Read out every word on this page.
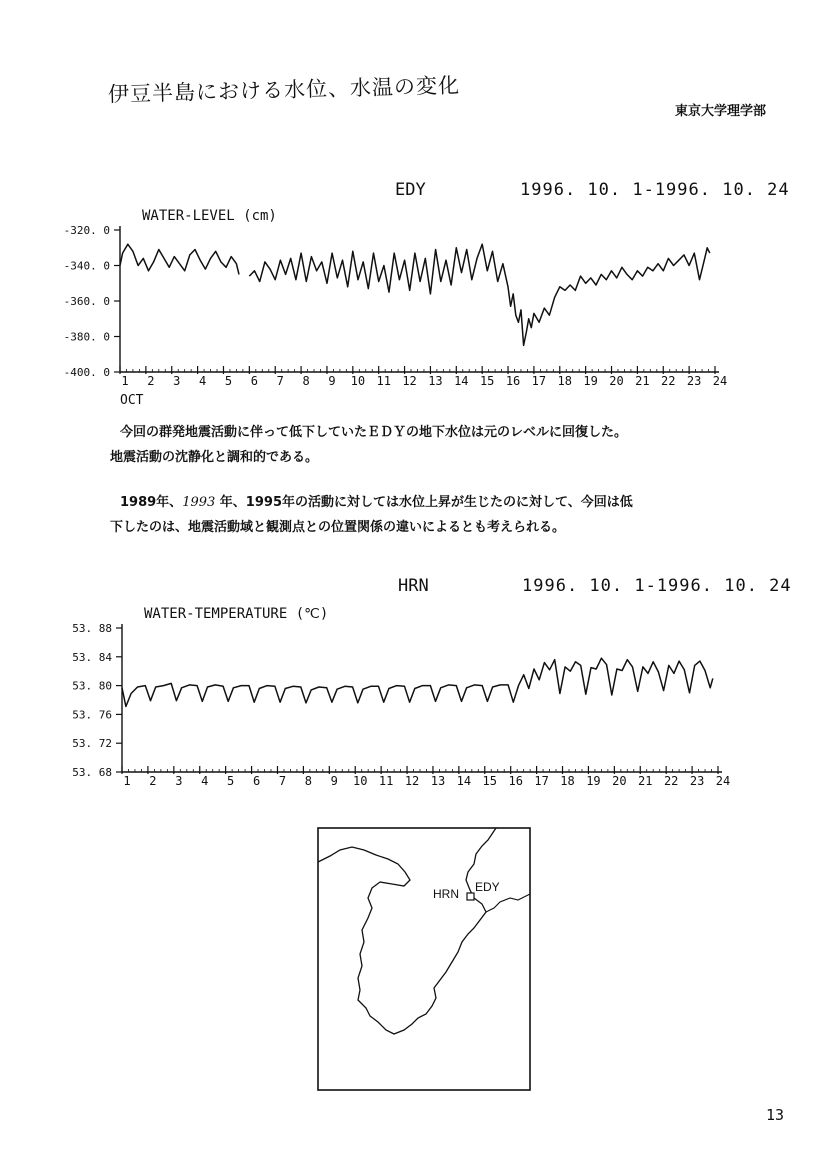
伊豆半島における水位、水温の変化
東京大学理学部
EDY	1996. 10. 1-1996. 10. 24
今回の群発地震活動に伴って低下していたＥＤＹの地下水位は元のレベルに回復した。
地震活動の沈静化と調和的である。
1989年、1993 年、1995年の活動に対しては水位上昇が生じたのに対して、今回は低
下したのは、地震活動域と観測点との位置関係の違いによるとも考えられる。
HRN	1996. 10. 1-1996. 10. 24
13
WATER-LEVEL (cm)
-320. 0
-340. 0
-360. 0
-380. 0
-400. 0
1 2 3 4 5 6 7 8 9 10 11 12 13 14 15 16 17 18 19 20 21 22 23 24
OCT
WATER-TEMPERATURE (℃)
53. 88
53. 84
53. 80
53. 76
53. 72
53. 68
1 2 3 4 5 6 7 8 9 10 11 12 13 14 15 16 17 18 19 20 21 22 23 24
HRN EDY
